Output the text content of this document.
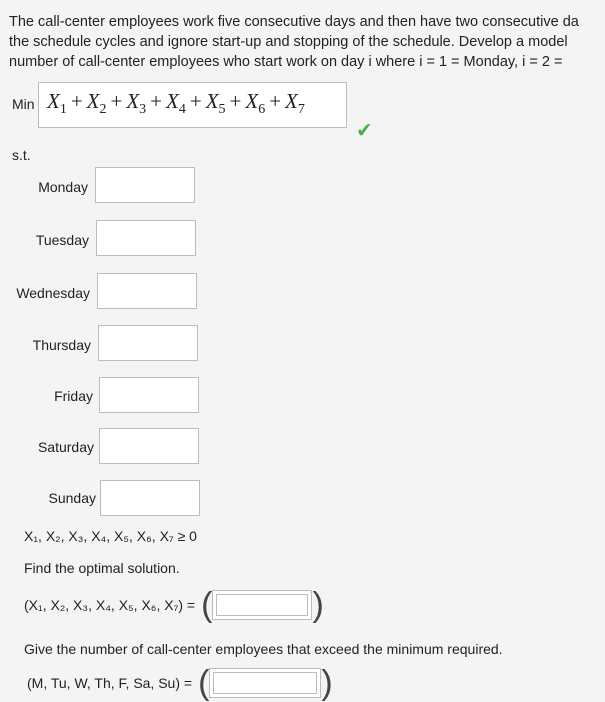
The call-center employees work five consecutive days and then have two consecutive da
the schedule cycles and ignore start-up and stopping of the schedule. Develop a model
number of call-center employees who start work on day i where i = 1 = Monday, i = 2 =
Min $X_1 + X_2 + X_3 + X_4 + X_5 + X_6 + X_7$
✔
s.t.
Monday
Tuesday
Wednesday
Thursday
Friday
Saturday
Sunday
X₁, X₂, X₃, X₄, X₅, X₆, X₇ ≥ 0
Find the optimal solution.
(X₁, X₂, X₃, X₄, X₅, X₆, X₇) = (	)
Give the number of call-center employees that exceed the minimum required.
(M, Tu, W, Th, F, Sa, Su) = (	)
